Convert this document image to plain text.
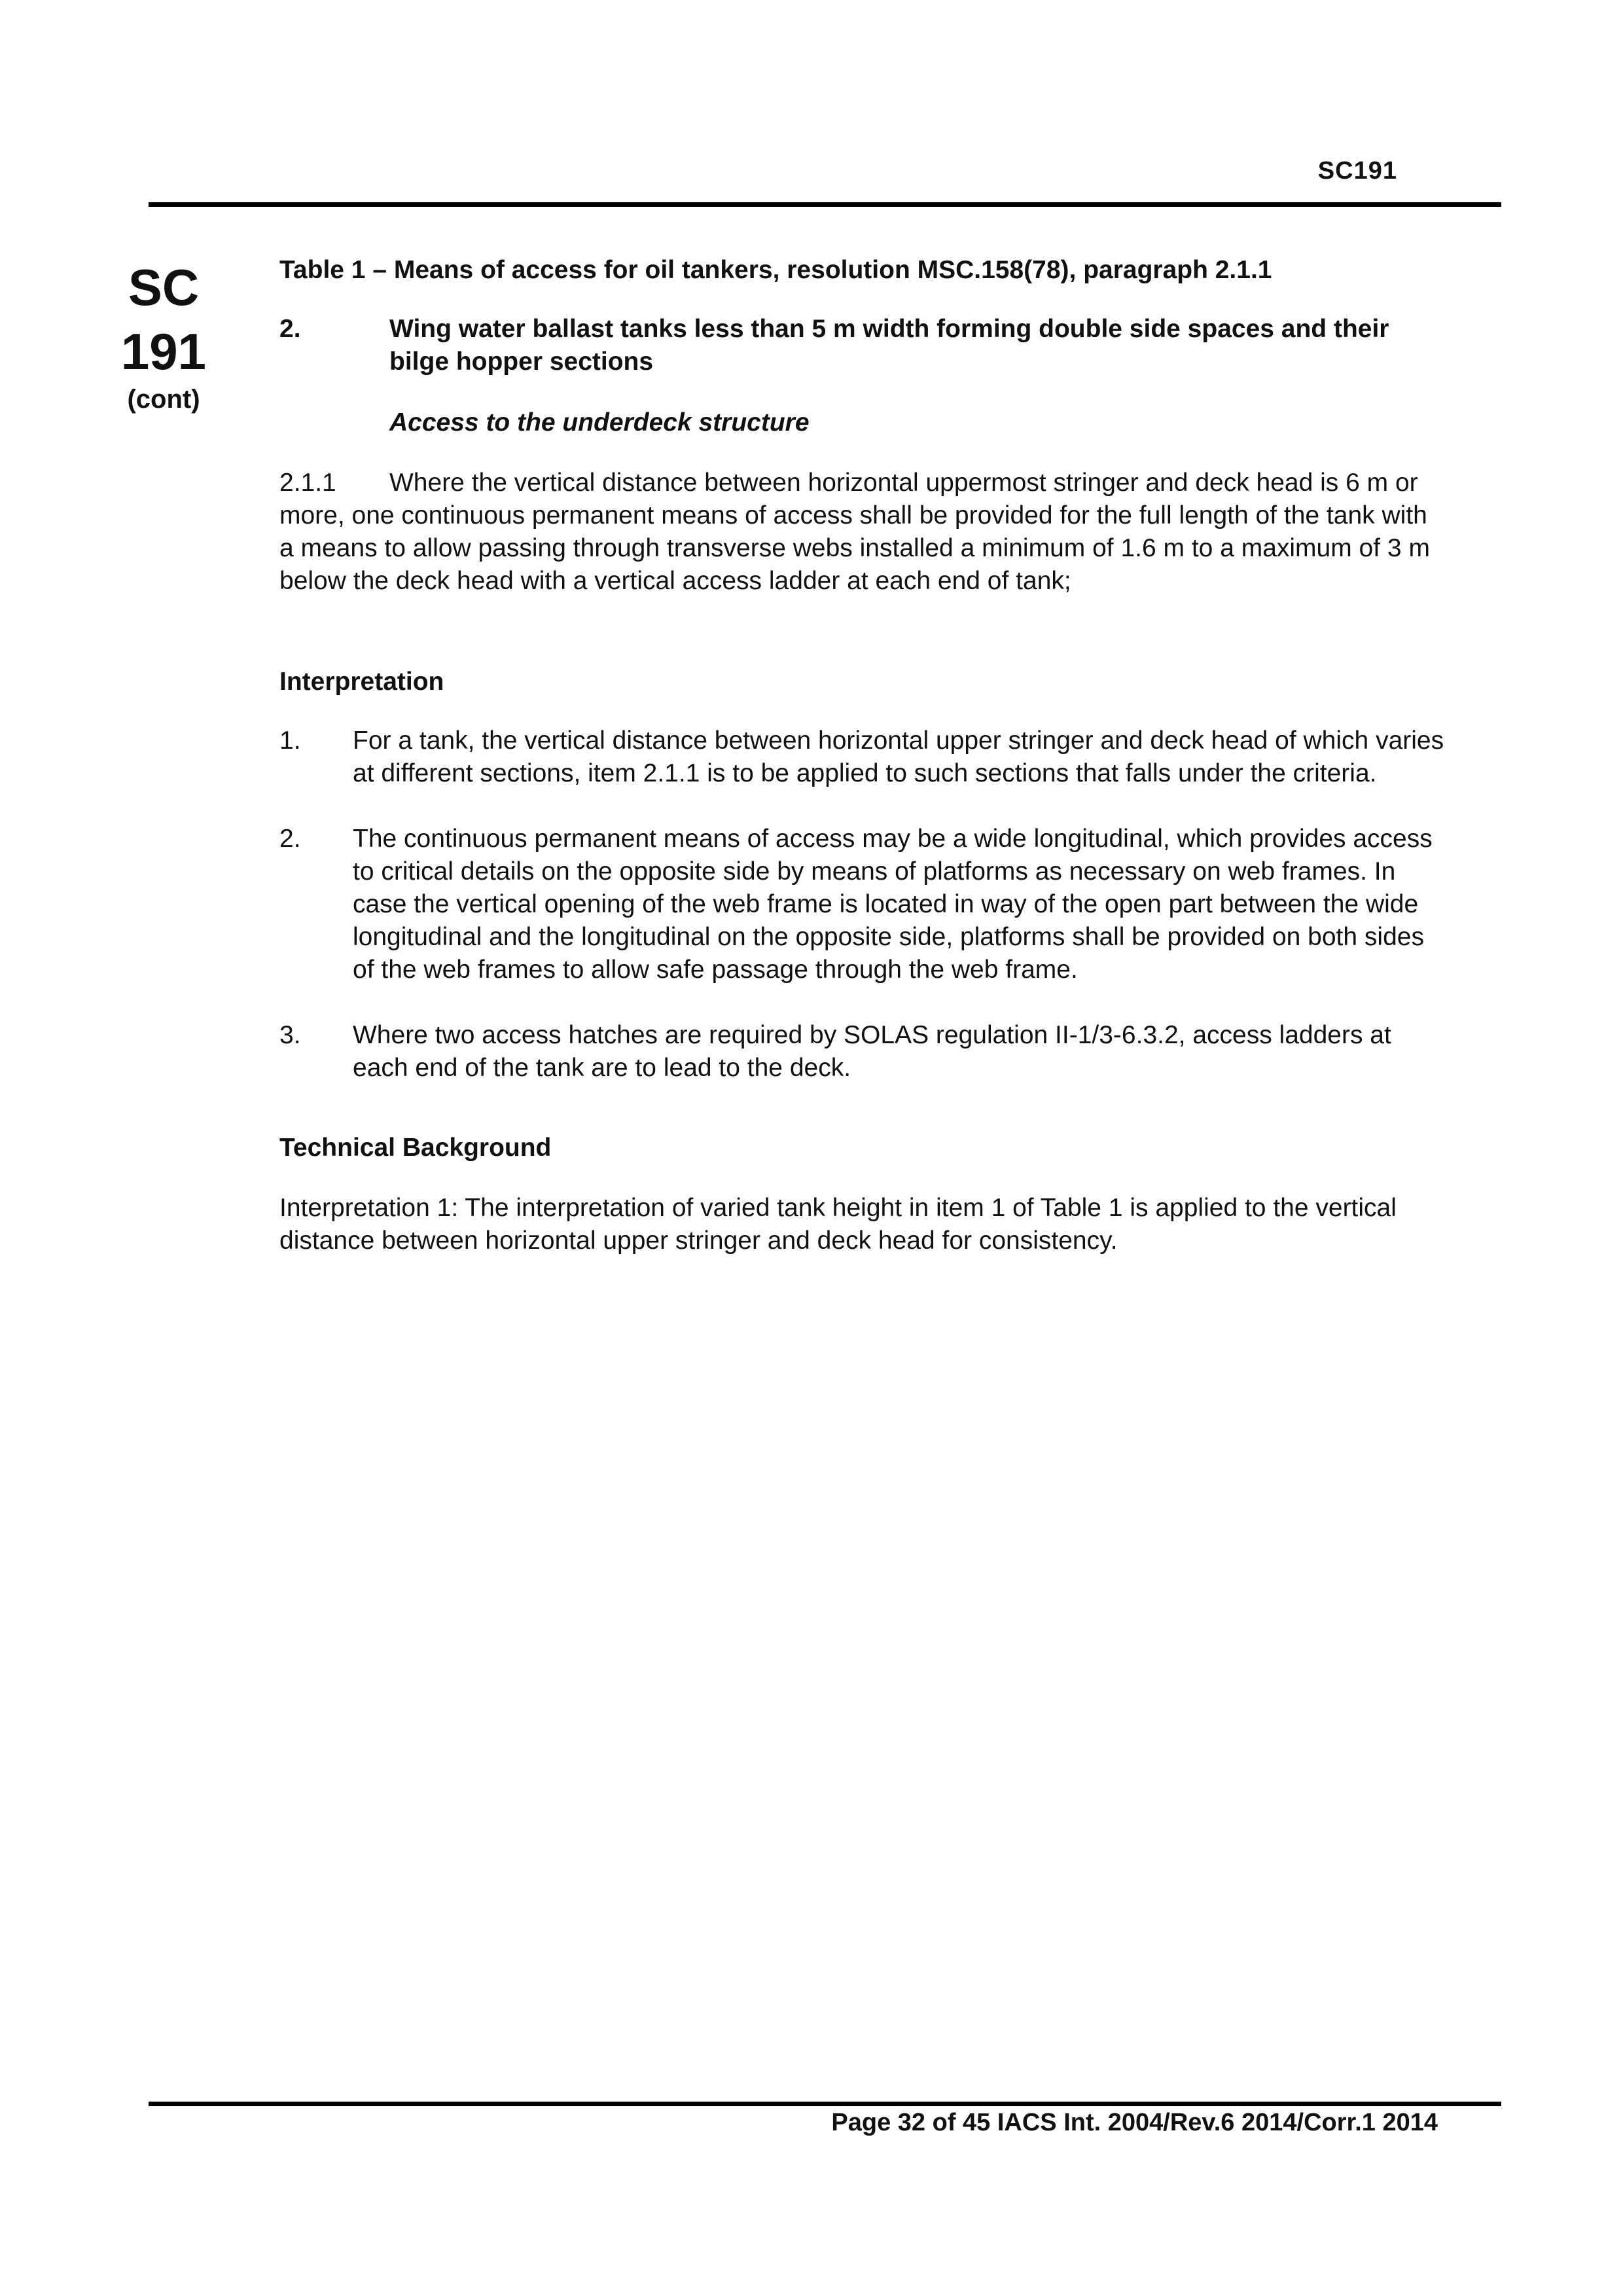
SC191
SC
191
(cont)

Table 1 – Means of access for oil tankers, resolution MSC.158(78), paragraph 2.1.1

2.	Wing water ballast tanks less than 5 m width forming double side spaces and their bilge hopper sections
Access to the underdeck structure
2.1.1 Where the vertical distance between horizontal uppermost stringer and deck head is 6 m or more, one continuous permanent means of access shall be provided for the full length of the tank with a means to allow passing through transverse webs installed a minimum of 1.6 m to a maximum of 3 m below the deck head with a vertical access ladder at each end of tank;
Interpretation
1.	For a tank, the vertical distance between horizontal upper stringer and deck head of which varies at different sections, item 2.1.1 is to be applied to such sections that falls under the criteria.
2.	The continuous permanent means of access may be a wide longitudinal, which provides access to critical details on the opposite side by means of platforms as necessary on web frames. In case the vertical opening of the web frame is located in way of the open part between the wide longitudinal and the longitudinal on the opposite side, platforms shall be provided on both sides of the web frames to allow safe passage through the web frame.
3.	Where two access hatches are required by SOLAS regulation II-1/3-6.3.2, access ladders at each end of the tank are to lead to the deck.
Technical Background
Interpretation 1: The interpretation of varied tank height in item 1 of Table 1 is applied to the vertical distance between horizontal upper stringer and deck head for consistency.
Page 32 of 45 IACS Int. 2004/Rev.6 2014/Corr.1 2014
